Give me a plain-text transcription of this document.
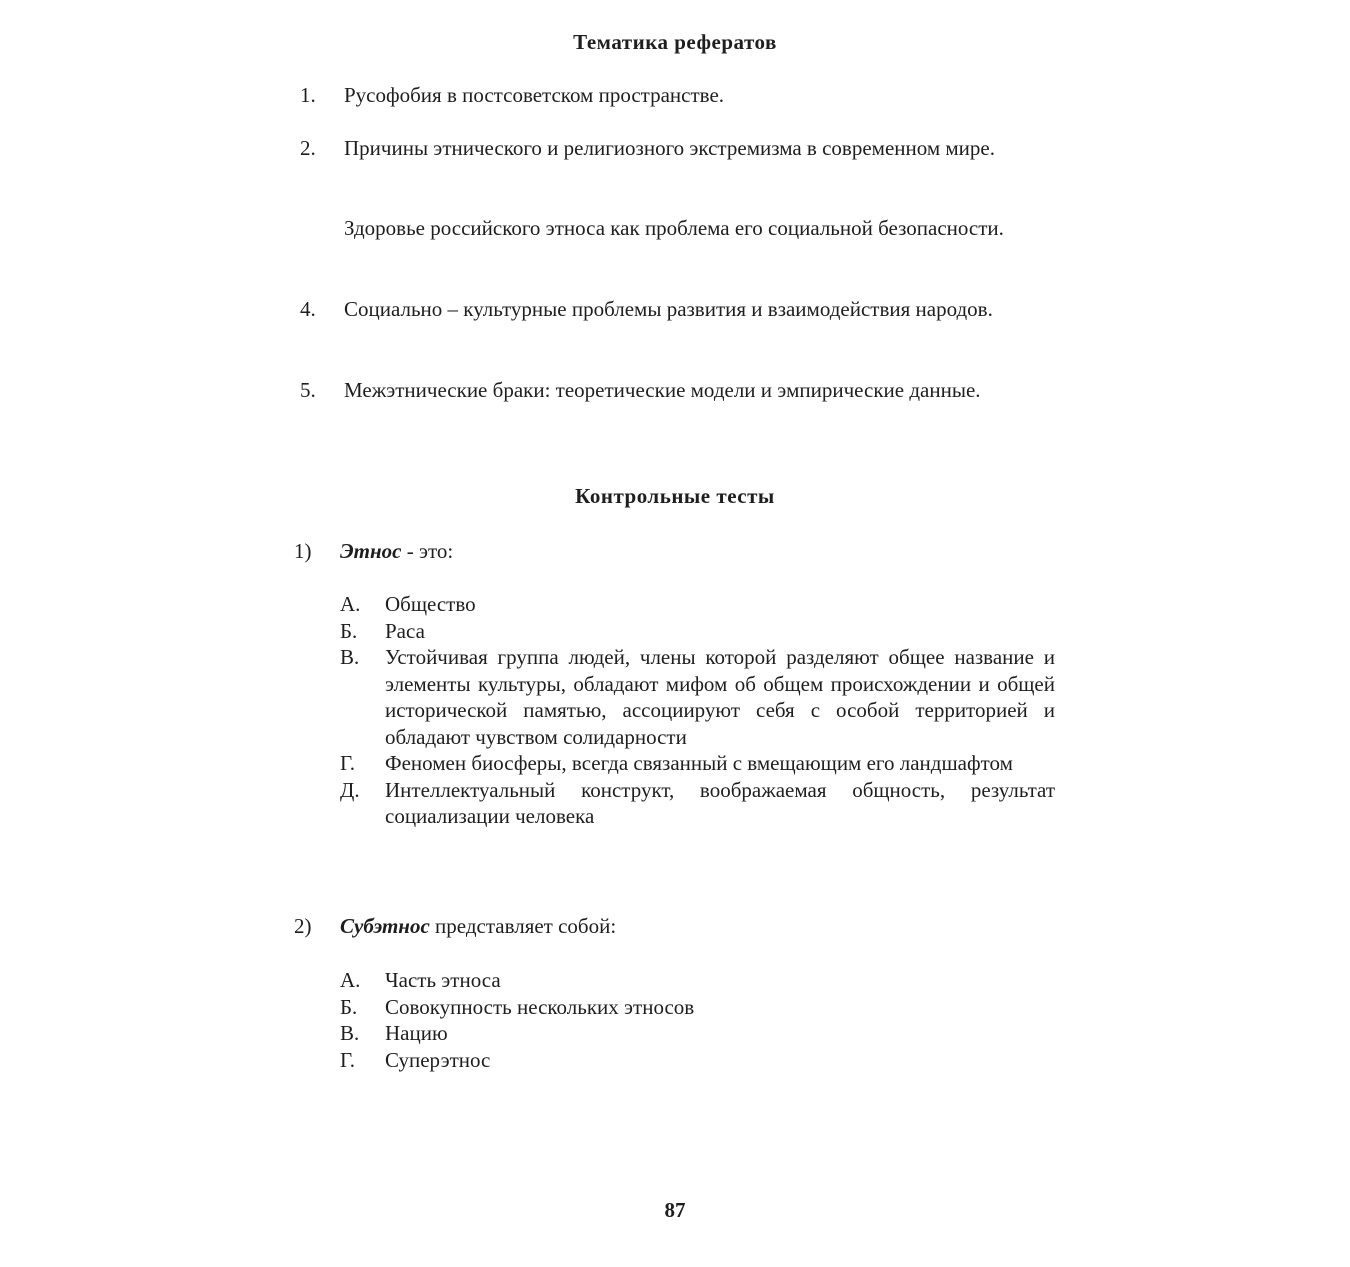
Тематика рефератов
1.	Русофобия в постсоветском пространстве.
2.	Причины этнического и религиозного экстремизма в современном мире.
Здоровье российского этноса как проблема его социальной безопасности.
4.	Социально – культурные проблемы развития и взаимодействия народов.
5.	Межэтнические браки: теоретические модели и эмпирические данные.
Контрольные тесты
1)	Этнос - это:
А.	Общество
Б.	Раса
В.	Устойчивая группа людей, члены которой разделяют общее название и элементы культуры, обладают мифом об общем происхождении и общей исторической памятью, ассоциируют себя с особой территорией и обладают чувством солидарности
Г.	Феномен биосферы, всегда связанный с вмещающим его ландшафтом
Д.	Интеллектуальный конструкт, воображаемая общность, результат социализации человека
2)	Субэтнос представляет собой:
А.	Часть этноса
Б.	Совокупность нескольких этносов
В.	Нацию
Г.	Суперэтнос
87
